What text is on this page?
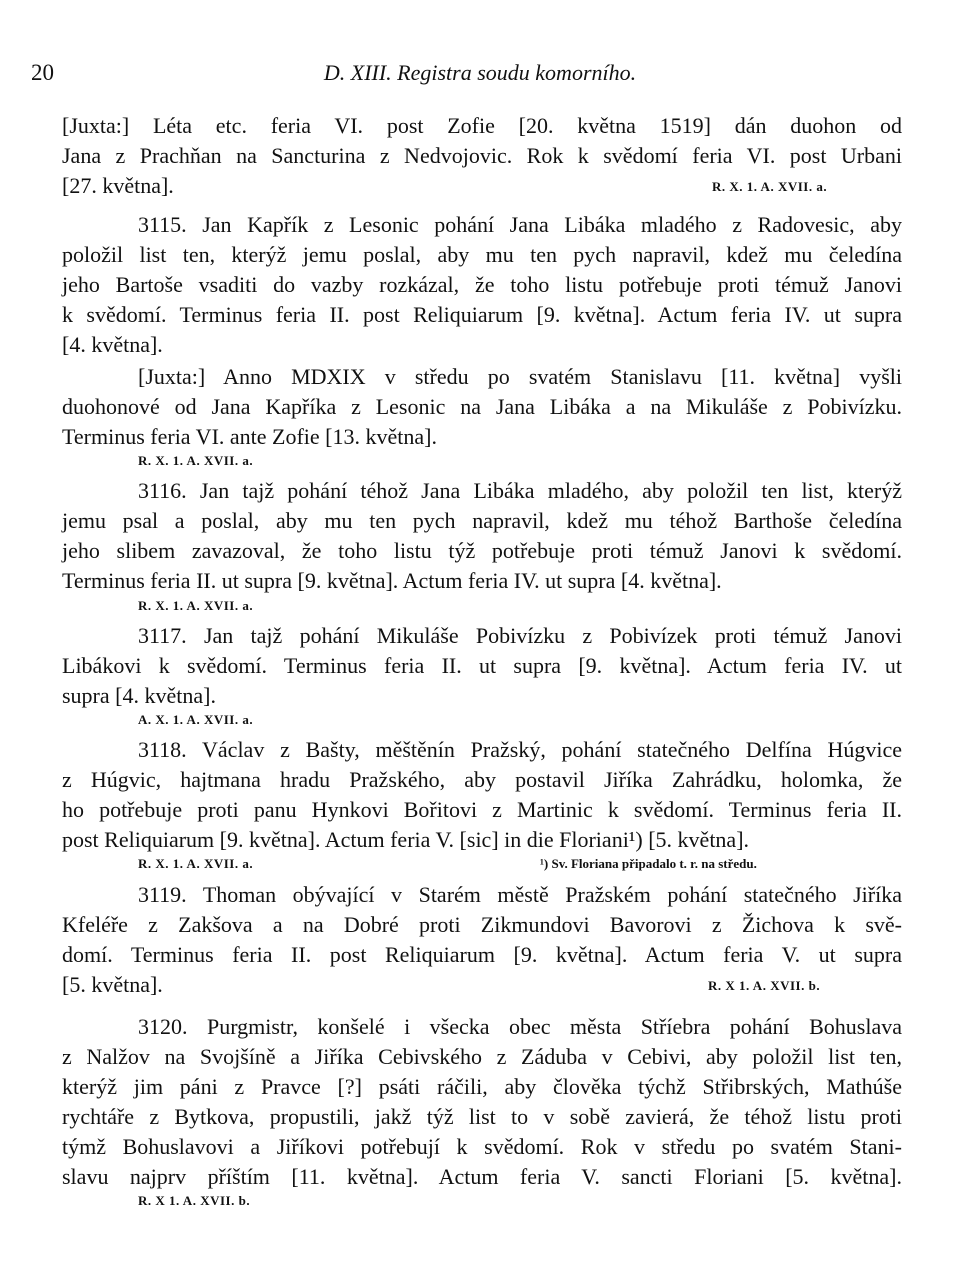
20	D. XIII. Registra soudu komorního.
[Juxta:] Léta etc. feria VI. post Zofie [20. května 1519] dán duohon od
Jana z Prachňan na Sancturina z Nedvojovic. Rok k svědomí feria VI. post Urbani
[27. května].	R. X. 1. A. XVII. a.
3115. Jan Kapřík z Lesonic pohání Jana Libáka mladého z Radovesic, aby
položil list ten, kterýž jemu poslal, aby mu ten pych napravil, kdež mu čeledína
jeho Bartoše vsaditi do vazby rozkázal, že toho listu potřebuje proti témuž Janovi
k svědomí. Terminus feria II. post Reliquiarum [9. května]. Actum feria IV. ut supra
[4. května].
[Juxta:] Anno MDXIX v středu po svatém Stanislavu [11. května] vyšli
duohonové od Jana Kapříka z Lesonic na Jana Libáka a na Mikuláše z Pobivízku.
Terminus feria VI. ante Zofie [13. května].
R. X. 1. A. XVII. a.
3116. Jan tajž pohání téhož Jana Libáka mladého, aby položil ten list, kterýž
jemu psal a poslal, aby mu ten pych napravil, kdež mu téhož Barthoše čeledína
jeho slibem zavazoval, že toho listu týž potřebuje proti témuž Janovi k svědomí.
Terminus feria II. ut supra [9. května]. Actum feria IV. ut supra [4. května].
R. X. 1. A. XVII. a.
3117. Jan tajž pohání Mikuláše Pobivízku z Pobivízek proti témuž Janovi
Libákovi k svědomí. Terminus feria II. ut supra [9. května]. Actum feria IV. ut
supra [4. května].
A. X. 1. A. XVII. a.
3118. Václav z Bašty, měštěnín Pražský, pohání statečného Delfína Húgvice
z Húgvic, hajtmana hradu Pražského, aby postavil Jiříka Zahrádku, holomka, že
ho potřebuje proti panu Hynkovi Bořitovi z Martinic k svědomí. Terminus feria II.
post Reliquiarum [9. května]. Actum feria V. [sic] in die Floriani¹) [5. května].
R. X. 1. A. XVII. a.	¹) Sv. Floriana připadalo t. r. na středu.
3119. Thoman obývající v Starém městě Pražském pohání statečného Jiříka
Kfeléře z Zakšova a na Dobré proti Zikmundovi Bavorovi z Žichova k svě-
domí. Terminus feria II. post Reliquiarum [9. května]. Actum feria V. ut supra
[5. května].	R. X 1. A. XVII. b.
3120. Purgmistr, konšelé i všecka obec města Stříebra pohání Bohuslava
z Nalžov na Svojšíně a Jiříka Cebivského z Záduba v Cebivi, aby položil list ten,
kterýž jim páni z Pravce [?] psáti ráčili, aby člověka týchž Střibrských, Mathúše
rychtáře z Bytkova, propustili, jakž týž list to v sobě zavierá, že téhož listu proti
týmž Bohuslavovi a Jiříkovi potřebují k svědomí. Rok v středu po svatém Stani-
slavu najprv příštím [11. května]. Actum feria V. sancti Floriani [5. května].
R. X 1. A. XVII. b.
